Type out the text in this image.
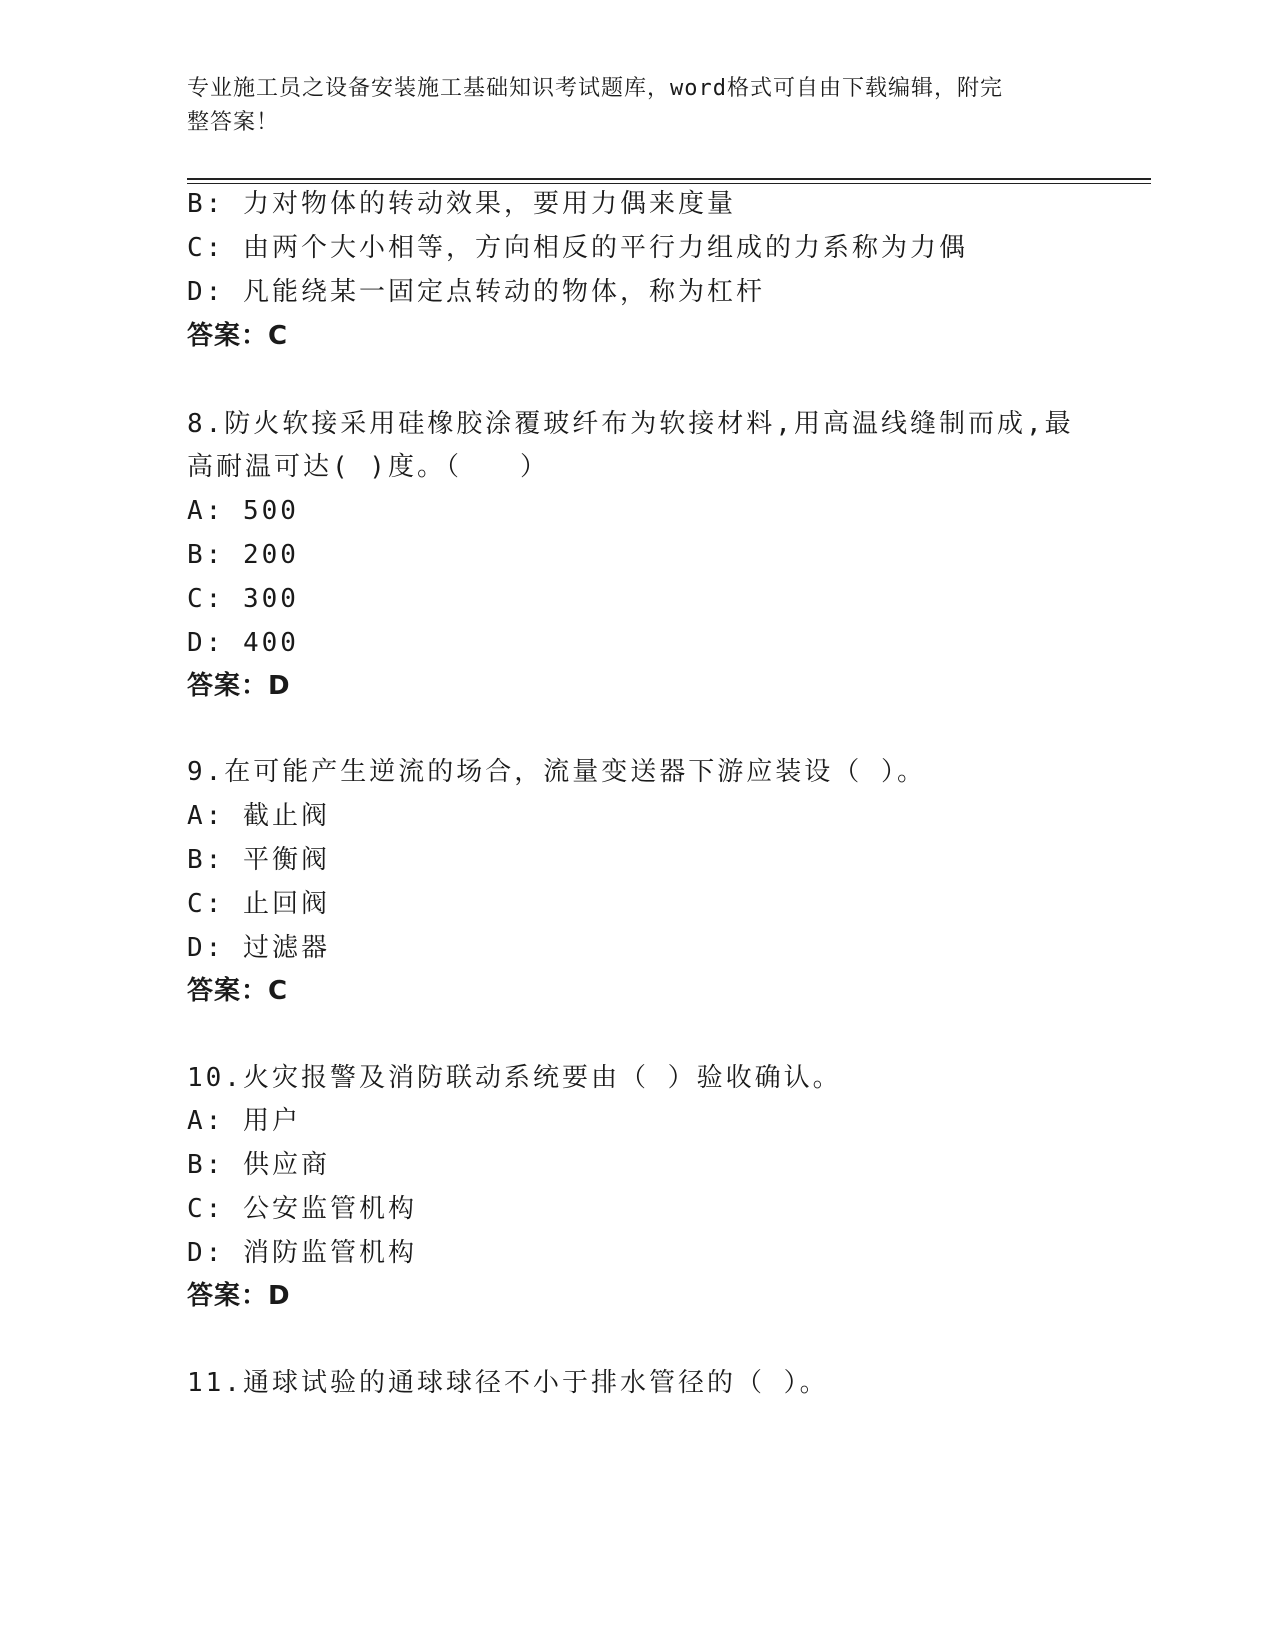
专业施工员之设备安装施工基础知识考试题库，word格式可自由下载编辑，附完
整答案！
B: 力对物体的转动效果，要用力偶来度量
C: 由两个大小相等，方向相反的平行力组成的力系称为力偶
D: 凡能绕某一固定点转动的物体，称为杠杆
答案：C
8.防火软接采用硅橡胶涂覆玻纤布为软接材料,用高温线缝制而成,最
高耐温可达( )度。（　　）
A: 500
B: 200
C: 300
D: 400
答案：D
9.在可能产生逆流的场合，流量变送器下游应装设（ ）。
A: 截止阀
B: 平衡阀
C: 止回阀
D: 过滤器
答案：C
10.火灾报警及消防联动系统要由（ ）验收确认。
A: 用户
B: 供应商
C: 公安监管机构
D: 消防监管机构
答案：D
11.通球试验的通球球径不小于排水管径的（ ）。
